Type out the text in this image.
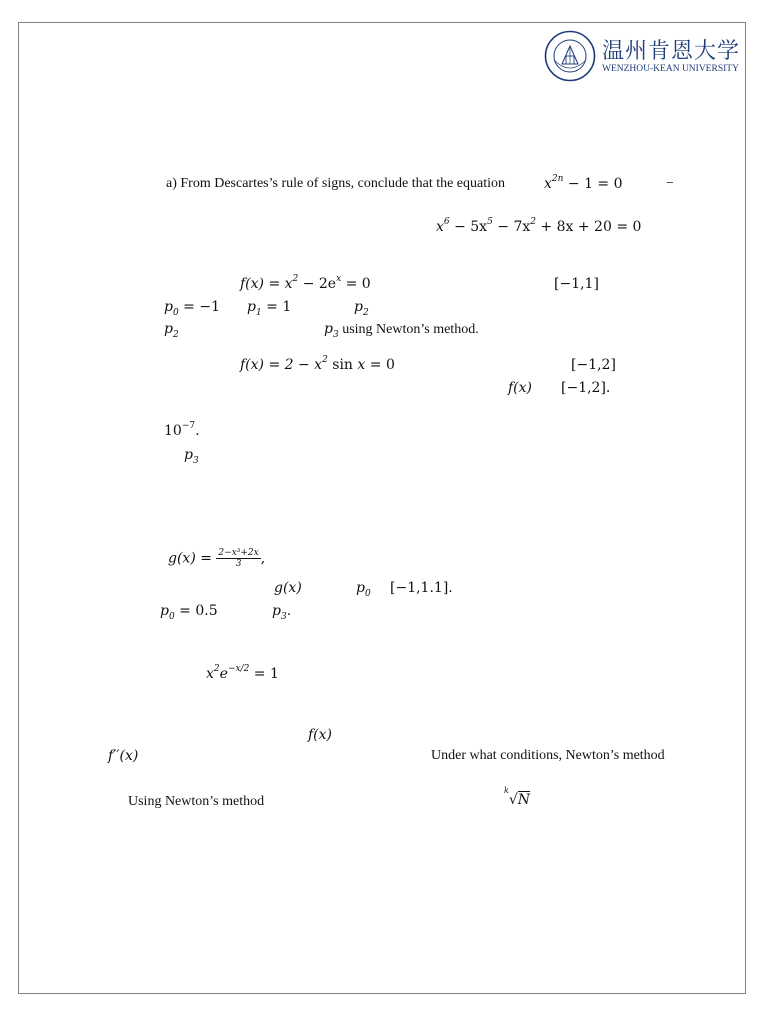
温州肯恩大学
WENZHOU-KEAN UNIVERSITY
a) From Descartes’s rule of signs, conclude that the equation	$x^{2n} - 1 = 0$	−
$x^6 - 5x^5 - 7x^2 + 8x + 20 = 0$
$f(x) = x^2 - 2e^x = 0$	[−1,1]
$p_0 = -1$ $p_1 = 1$	$p_2$
$p_2$	$p_3$ using Newton’s method.
$f(x) = 2 - x^2$ sin x = 0	[−1,2]
f(x) [−1,2].
$10^{-7}$.
$p_3$
$g(x) = \frac{\text{2−x³+2x}}{3}$ ,
g(x)	$p_0$ [−1,1.1].
$p_0 = 0.5$	$p_3$.
$x^2e^{-x/2} = 1$
f(x)
f′′(x)	Under what conditions, Newton’s method
Using Newton’s method
$^k$√N
